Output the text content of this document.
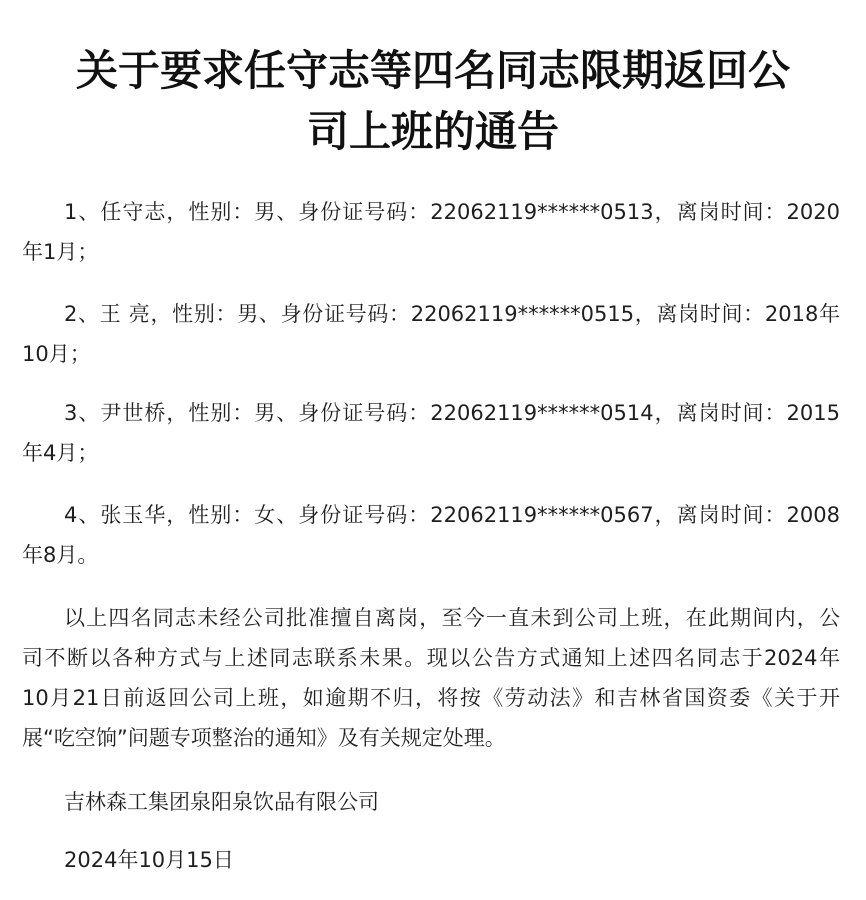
关于要求任守志等四名同志限期返回公
司上班的通告

1、任守志，性别：男、身份证号码：22062119******0513，离岗时间：2020
年1月；

2、王 亮，性别：男、身份证号码：22062119******0515，离岗时间：2018年
10月；

3、尹世桥，性别：男、身份证号码：22062119******0514，离岗时间：2015
年4月；

4、张玉华，性别：女、身份证号码：22062119******0567，离岗时间：2008
年8月。

以上四名同志未经公司批准擅自离岗，至今一直未到公司上班，在此期间内，公
司不断以各种方式与上述同志联系未果。现以公告方式通知上述四名同志于2024年
10月21日前返回公司上班，如逾期不归，将按《劳动法》和吉林省国资委《关于开
展“吃空饷”问题专项整治的通知》及有关规定处理。

吉林森工集团泉阳泉饮品有限公司

2024年10月15日
